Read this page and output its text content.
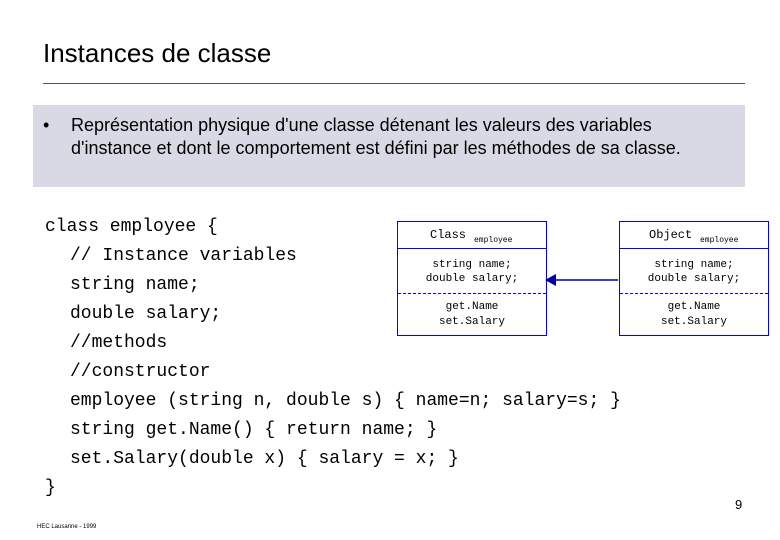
Instances de classe
• Représentation physique d'une classe détenant les valeurs des variables d'instance et dont le comportement est défini par les méthodes de sa classe.
class employee {
// Instance variables
string name;
double salary;
//methods
//constructor
employee (string n, double s) { name=n; salary=s; }
string get.Name() { return name; }
set.Salary(double x) { salary = x; }
}
Class employee
string name;
double salary;
get.Name
set.Salary
Object employee
string name;
double salary;
get.Name
set.Salary
9
HEC Lausanne - 1999
